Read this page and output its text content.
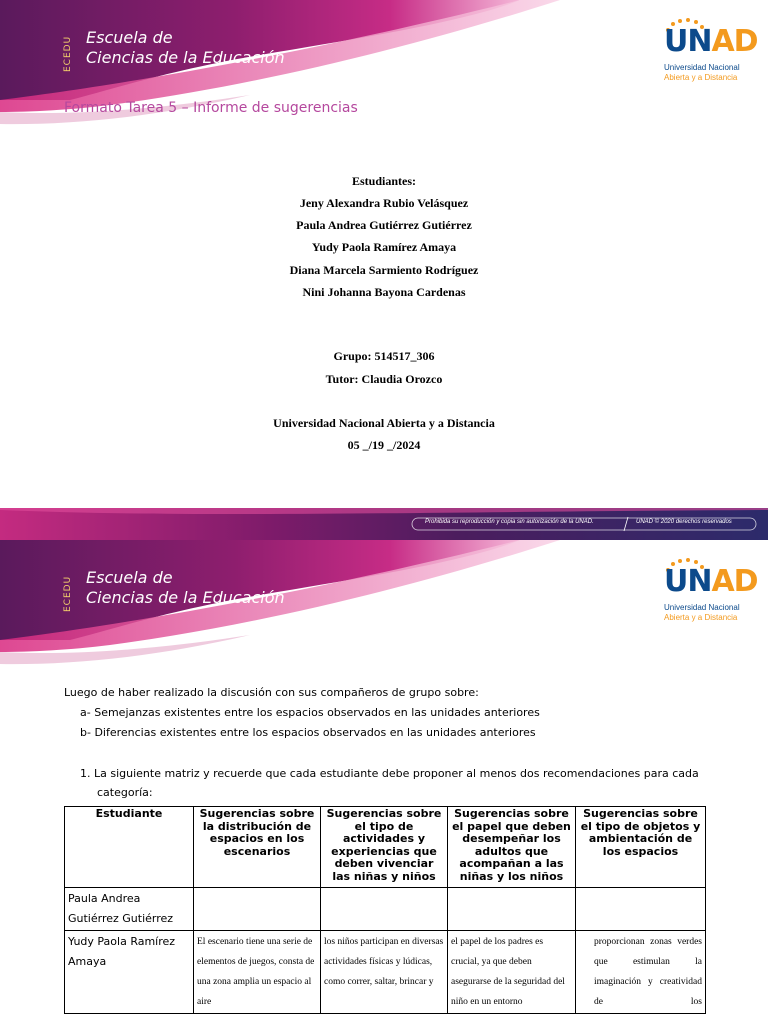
ECEDU Escuela de
Ciencias de la Educación	UNAD
Universidad Nacional
Abierta y a Distancia
Formato Tarea 5 – Informe de sugerencias
Estudiantes:
Jeny Alexandra Rubio Velásquez
Paula Andrea Gutiérrez Gutiérrez
Yudy Paola Ramírez Amaya
Diana Marcela Sarmiento Rodríguez
Nini Johanna Bayona Cardenas
Grupo: 514517_306
Tutor: Claudia Orozco
Universidad Nacional Abierta y a Distancia
05 _/19 _/2024
Prohibida su reproducción y copia sin autorización de la UNAD.	UNAD © 2020 derechos reservados
ECEDU Escuela de
Ciencias de la Educación	UNAD
Universidad Nacional
Abierta y a Distancia
Luego de haber realizado la discusión con sus compañeros de grupo sobre:
a- Semejanzas existentes entre los espacios observados en las unidades anteriores
b- Diferencias existentes entre los espacios observados en las unidades anteriores
1. La siguiente matriz y recuerde que cada estudiante debe proponer al menos dos recomendaciones para cada
categoría:
Estudiante	Sugerencias sobre la distribución de espacios en los escenarios	Sugerencias sobre el tipo de actividades y experiencias que deben vivenciar las niñas y niños	Sugerencias sobre el papel que deben desempeñar los adultos que acompañan a las niñas y los niños	Sugerencias sobre el tipo de objetos y ambientación de los espacios
Paula Andrea Gutiérrez Gutiérrez				
Yudy Paola Ramírez Amaya	El escenario tiene una serie de elementos de juegos, consta de una zona amplia un espacio al aire	los niños participan en diversas actividades físicas y lúdicas, como correr, saltar, brincar y	el papel de los padres es crucial, ya que deben asegurarse de la seguridad del niño en un entorno	proporcionan zonas verdes que estimulan la imaginación y creatividad de los
